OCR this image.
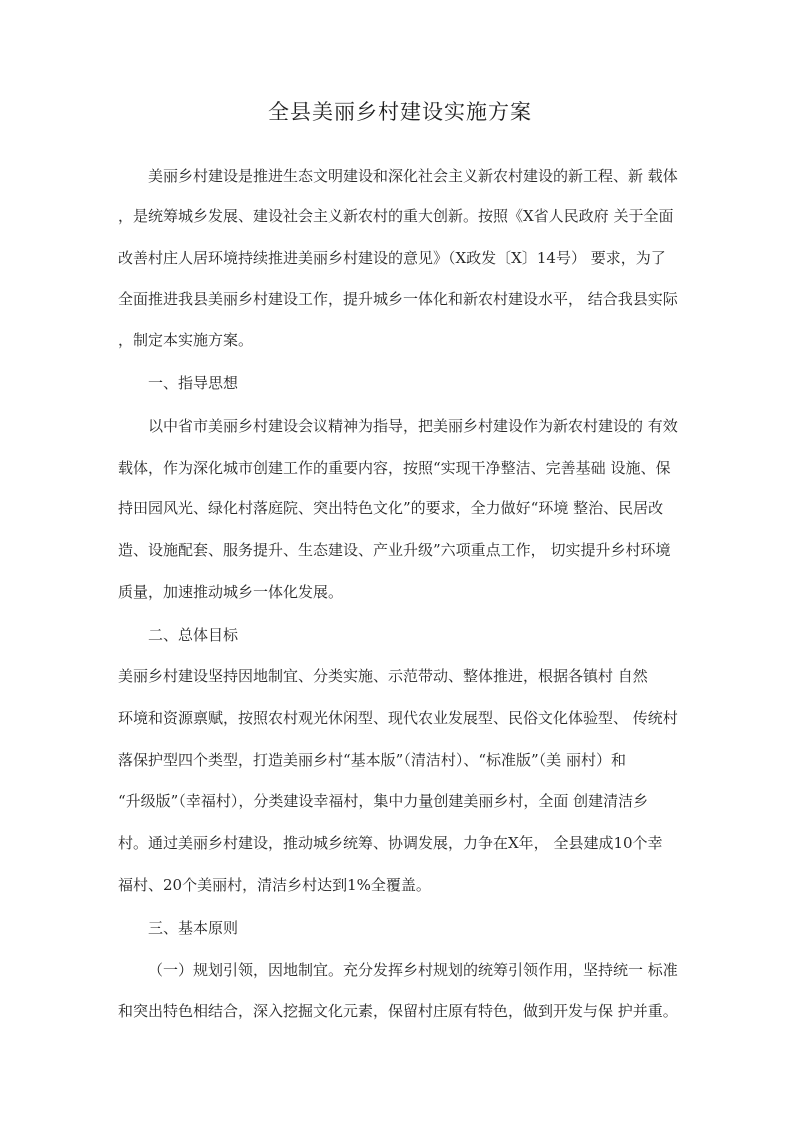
全县美丽乡村建设实施方案
美丽乡村建设是推进生态文明建设和深化社会主义新农村建设的新工程、新 载体
，是统筹城乡发展、建设社会主义新农村的重大创新。按照《X省人民政府 关于全面
改善村庄人居环境持续推进美丽乡村建设的意见》（X政发〔X〕14号） 要求，为了
全面推进我县美丽乡村建设工作，提升城乡一体化和新农村建设水平， 结合我县实际
，制定本实施方案。
一、指导思想
以中省市美丽乡村建设会议精神为指导，把美丽乡村建设作为新农村建设的 有效
载体，作为深化城市创建工作的重要内容，按照“实现干净整洁、完善基础 设施、保
持田园风光、绿化村落庭院、突出特色文化”的要求，全力做好“环境 整治、民居改
造、设施配套、服务提升、生态建设、产业升级”六项重点工作， 切实提升乡村环境
质量，加速推动城乡一体化发展。
二、总体目标
美丽乡村建设坚持因地制宜、分类实施、示范带动、整体推进，根据各镇村 自然
环境和资源禀赋，按照农村观光休闲型、现代农业发展型、民俗文化体验型、 传统村
落保护型四个类型，打造美丽乡村“基本版”（清洁村）、“标准版”（美 丽村）和
“升级版”（幸福村），分类建设幸福村，集中力量创建美丽乡村，全面 创建清洁乡
村。通过美丽乡村建设，推动城乡统筹、协调发展，力争在X年， 全县建成10个幸
福村、20个美丽村，清洁乡村达到1%全覆盖。
三、基本原则
（一）规划引领，因地制宜。充分发挥乡村规划的统筹引领作用，坚持统一 标准
和突出特色相结合，深入挖掘文化元素，保留村庄原有特色，做到开发与保 护并重。
